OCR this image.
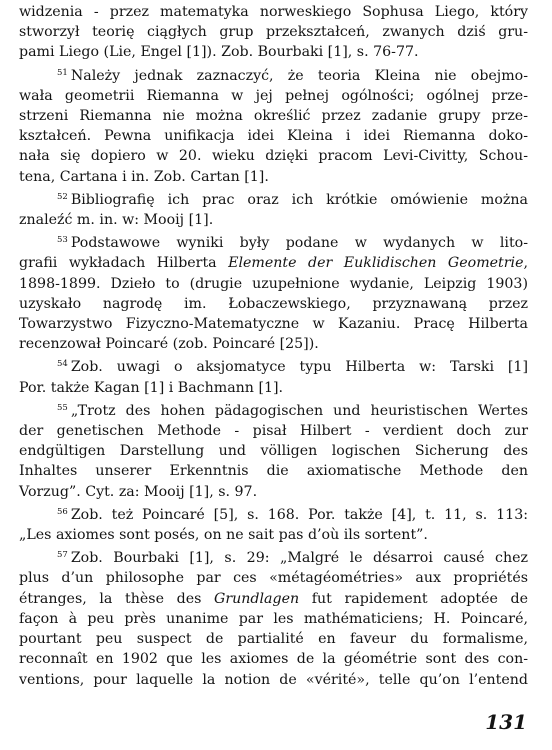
widzenia - przez matematyka norweskiego Sophusa Liego, który
stworzył teorię ciągłych grup przekształceń, zwanych dziś gru-
pami Liego (Lie, Engel [1]). Zob. Bourbaki [1], s. 76-77.
$^{51}$ Należy jednak zaznaczyć, że teoria Kleina nie obejmo-
wała geometrii Riemanna w jej pełnej ogólności; ogólnej prze-
strzeni Riemanna nie można określić przez zadanie grupy prze-
kształceń. Pewna unifikacja idei Kleina i idei Riemanna doko-
nała się dopiero w 20. wieku dzięki pracom Levi-Civitty, Schou-
tena, Cartana i in. Zob. Cartan [1].
$^{52}$ Bibliografię ich prac oraz ich krótkie omówienie można
znaleźć m. in. w: Mooij [1].
$^{53}$ Podstawowe wyniki były podane w wydanych w lito-
grafii wykładach Hilberta Elemente der Euklidischen Geometrie,
1898-1899. Dzieło to (drugie uzupełnione wydanie, Leipzig 1903)
uzyskało nagrodę im. Łobaczewskiego, przyznawaną przez
Towarzystwo Fizyczno-Matematyczne w Kazaniu. Pracę Hilberta
recenzował Poincaré (zob. Poincaré [25]).
$^{54}$ Zob. uwagi o aksjomatyce typu Hilberta w: Tarski [1]
Por. także Kagan [1] i Bachmann [1].
$^{55}$ „Trotz des hohen pädagogischen und heuristischen Wertes
der genetischen Methode - pisał Hilbert - verdient doch zur
endgültigen Darstellung und völligen logischen Sicherung des
Inhaltes unserer Erkenntnis die axiomatische Methode den
Vorzug”. Cyt. za: Mooij [1], s. 97.
$^{56}$ Zob. też Poincaré [5], s. 168. Por. także [4], t. 11, s. 113:
„Les axiomes sont posés, on ne sait pas d’où ils sortent”.
$^{57}$ Zob. Bourbaki [1], s. 29: „Malgré le désarroi causé chez
plus d’un philosophe par ces «métagéométries» aux propriétés
étranges, la thèse des Grundlagen fut rapidement adoptée de
façon à peu près unanime par les mathématiciens; H. Poincaré,
pourtant peu suspect de partialité en faveur du formalisme,
reconnaît en 1902 que les axiomes de la géométrie sont des con-
ventions, pour laquelle la notion de «vérité», telle qu’on l’entend
131
